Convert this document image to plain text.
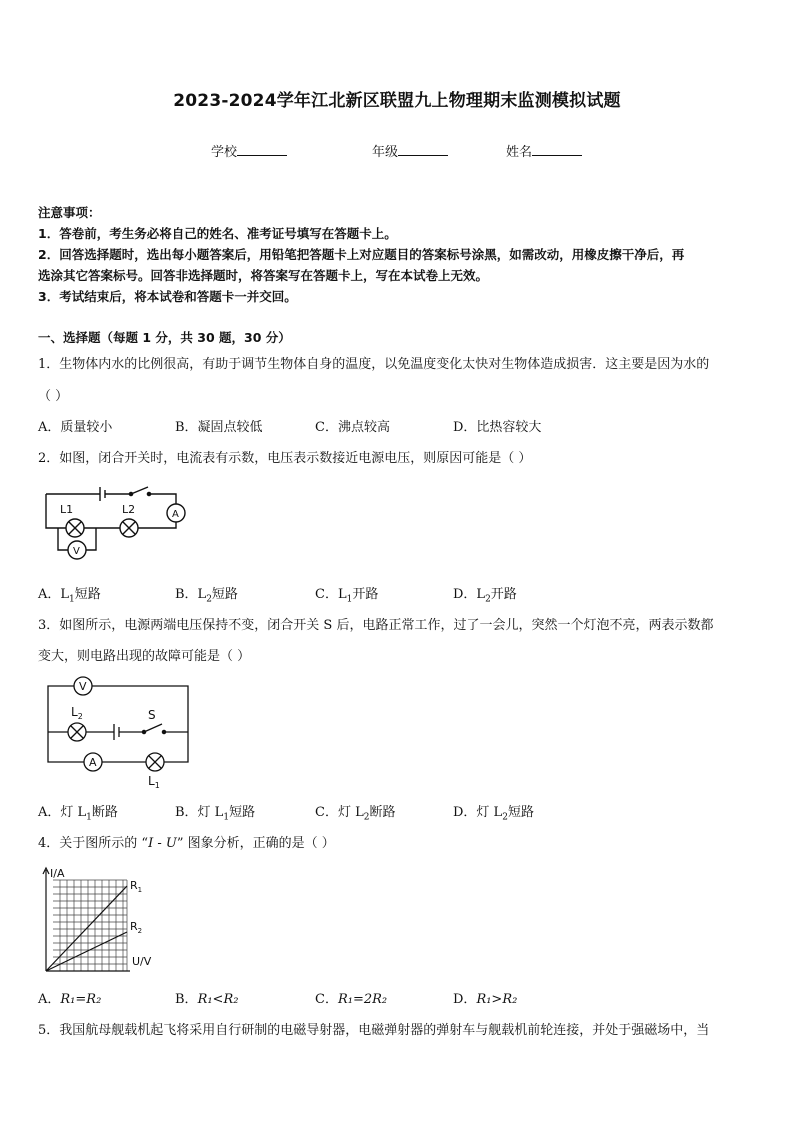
2023-2024学年江北新区联盟九上物理期末监测模拟试题
学校	年级	姓名
注意事项：
1．答卷前，考生务必将自己的姓名、准考证号填写在答题卡上。
2．回答选择题时，选出每小题答案后，用铅笔把答题卡上对应题目的答案标号涂黑，如需改动，用橡皮擦干净后，再
选涂其它答案标号。回答非选择题时，将答案写在答题卡上，写在本试卷上无效。
3．考试结束后，将本试卷和答题卡一并交回。
一、选择题（每题 1 分，共 30 题，30 分）
1．生物体内水的比例很高，有助于调节生物体自身的温度，以免温度变化太快对生物体造成损害．这主要是因为水的
（ ）
A．质量较小	B．凝固点较低	C．沸点较高	D．比热容较大
2．如图，闭合开关时，电流表有示数，电压表示数接近电源电压，则原因可能是（ ）
L1	L2	A
V
A．$L_1$短路	B．$L_2$短路	C．$L_1$开路	D．$L_2$开路
3．如图所示，电源两端电压保持不变，闭合开关 S 后，电路正常工作，过了一会儿，突然一个灯泡不亮，两表示数都
变大，则电路出现的故障可能是（ ）
V
$L_2$	S
A
$L_1$
A．灯 $L_1$断路	B．灯 $L_1$短路	C．灯 $L_2$断路	D．灯 $L_2$短路
4．关于图所示的 “I - U” 图象分析，正确的是（ ）
I/A
U/V
$R_1$
$R_2$
A．R₁=R₂	B．R₁<R₂	C．R₁=2R₂	D．R₁>R₂
5．我国航母舰载机起飞将采用自行研制的电磁导射器，电磁弹射器的弹射车与舰载机前轮连接，并处于强磁场中，当
